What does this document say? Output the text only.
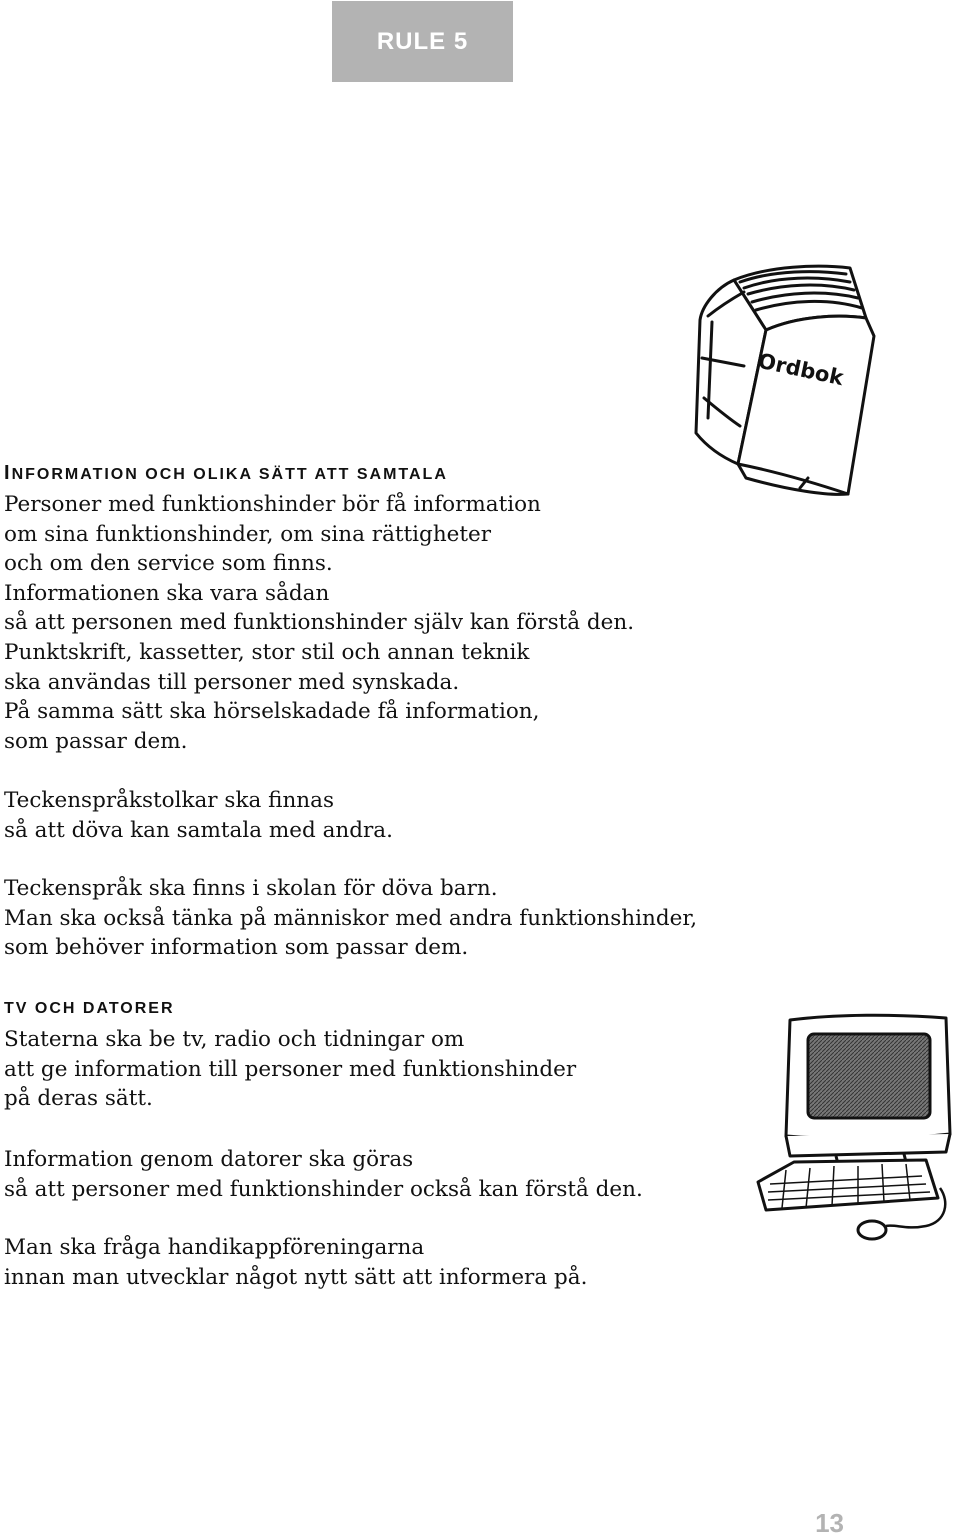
RULE 5
Ordbok
INFORMATION OCH OLIKA SÄTT ATT SAMTALA

Personer med funktionshinder bör få information
om sina funktionshinder, om sina rättigheter
och om den service som finns.
Informationen ska vara sådan
så att personen med funktionshinder själv kan förstå den.
Punktskrift, kassetter, stor stil och annan teknik
ska användas till personer med synskada.
På samma sätt ska hörselskadade få information,
som passar dem.

Teckenspråkstolkar ska finnas
så att döva kan samtala med andra.

Teckenspråk ska finns i skolan för döva barn.
Man ska också tänka på människor med andra funktionshinder,
som behöver information som passar dem.

TV OCH DATORER

Staterna ska be tv, radio och tidningar om
att ge information till personer med funktionshinder
på deras sätt.

Information genom datorer ska göras
så att personer med funktionshinder också kan förstå den.

Man ska fråga handikappföreningarna
innan man utvecklar något nytt sätt att informera på.

13
